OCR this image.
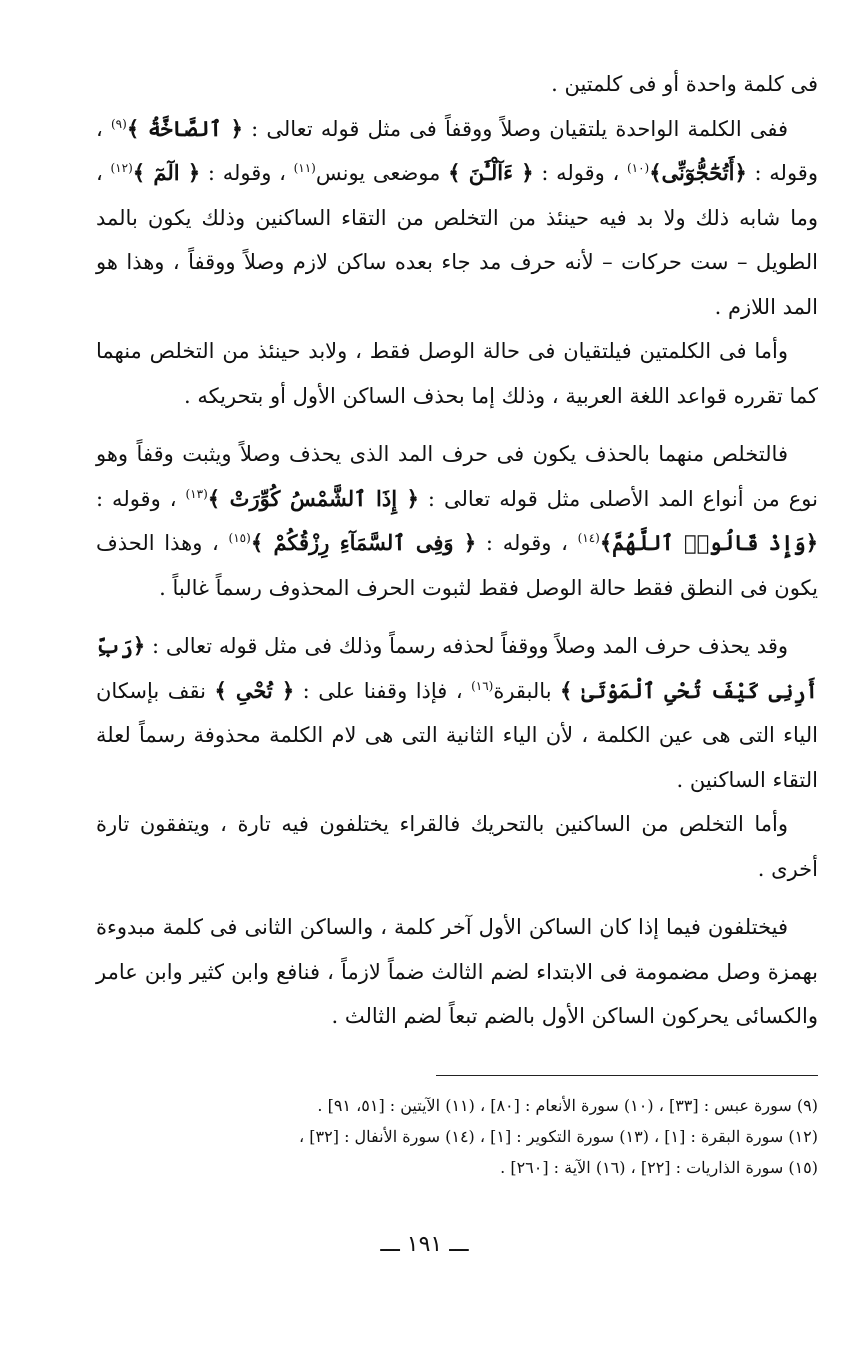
فى كلمة واحدة أو فى كلمتين .

ففى الكلمة الواحدة يلتقيان وصلاً ووقفاً فى مثل قوله تعالى : ﴿ ٱلصَّاخَّةُ ﴾$^{(٩)}$ ، وقوله : ﴿أَتُحَٰٓجُّوٓنِّى﴾$^{(١٠)}$ ، وقوله : ﴿ ءَآلْـَٰٔنَ ﴾ موضعى يونس$^{(١١)}$ ، وقوله : ﴿ الٓمٓ ﴾$^{(١٢)}$ ، وما شابه ذلك ولا بد فيه حينئذ من التخلص من التقاء الساكنين وذلك يكون بالمد الطويل – ست حركات – لأنه حرف مد جاء بعده ساكن لازم وصلاً ووقفاً ، وهذا هو المد اللازم .

وأما فى الكلمتين فيلتقيان فى حالة الوصل فقط ، ولابد حينئذ من التخلص منهما كما تقرره قواعد اللغة العربية ، وذلك إما بحذف الساكن الأول أو بتحريكه .

فالتخلص منهما بالحذف يكون فى حرف المد الذى يحذف وصلاً ويثبت وقفاً وهو نوع من أنواع المد الأصلى مثل قوله تعالى : ﴿ إِذَا ٱلشَّمْسُ كُوِّرَتْ ﴾$^{(١٣)}$ ، وقوله : ﴿وَإِذْ قَالُوا۟ ٱللَّهُمَّ﴾$^{(١٤)}$ ، وقوله : ﴿ وَفِى ٱلسَّمَآءِ رِزْقُكُمْ ﴾$^{(١٥)}$ ، وهذا الحذف يكون فى النطق فقط حالة الوصل فقط لثبوت الحرف المحذوف رسماً غالباً .

وقد يحذف حرف المد وصلاً ووقفاً لحذفه رسماً وذلك فى مثل قوله تعالى : ﴿رَبِّ أَرِنِى كَيْفَ تُحْىِ ٱلْمَوْتَىٰ ﴾ بالبقرة$^{(١٦)}$ ، فإذا وقفنا على : ﴿ تُحْىِ ﴾ نقف بإسكان الياء التى هى عين الكلمة ، لأن الياء الثانية التى هى لام الكلمة محذوفة رسماً لعلة التقاء الساكنين .

وأما التخلص من الساكنين بالتحريك فالقراء يختلفون فيه تارة ، ويتفقون تارة أخرى .

فيختلفون فيما إذا كان الساكن الأول آخر كلمة ، والساكن الثانى فى كلمة مبدوءة بهمزة وصل مضمومة فى الابتداء لضم الثالث ضماً لازماً ، فنافع وابن كثير وابن عامر والكسائى يحركون الساكن الأول بالضم تبعاً لضم الثالث .

(٩) سورة عبس : [٣٣] ، (١٠) سورة الأنعام : [٨٠] ، (١١) الآيتين : [٥١، ٩١] .
(١٢) سورة البقرة : [١] ، (١٣) سورة التكوير : [١] ، (١٤) سورة الأنفال : [٣٢] ،
(١٥) سورة الذاريات : [٢٢] ، (١٦) الآية : [٢٦٠] .
ـــ ١٩١ ـــ
